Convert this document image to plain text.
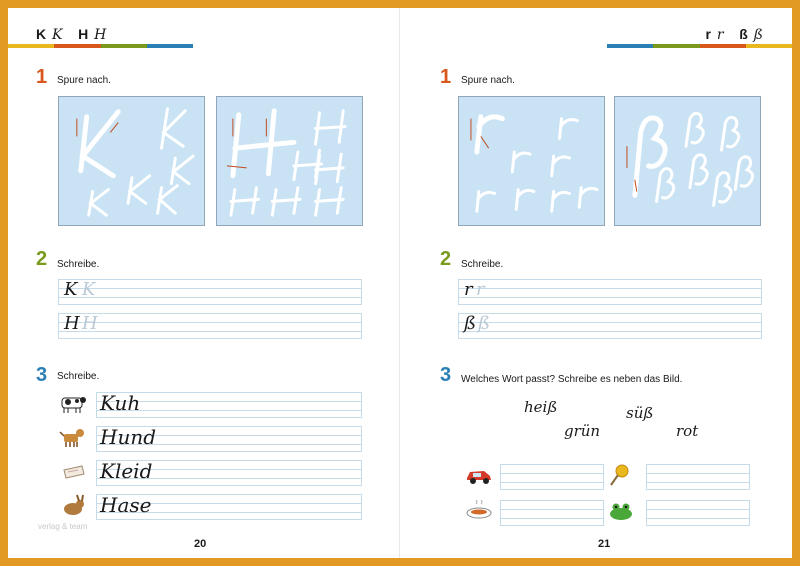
K K H H
1 Spure nach.
2 Schreibe.
K K
H H
3 Schreibe.
Kuh
Hund
Kleid
Hase
verlag & team
20
r r ß ß
1 Spure nach.
2 Schreibe.
r r
ß ß
3 Welches Wort passt? Schreibe es neben das Bild.
heiß
grün
süß
rot
21
